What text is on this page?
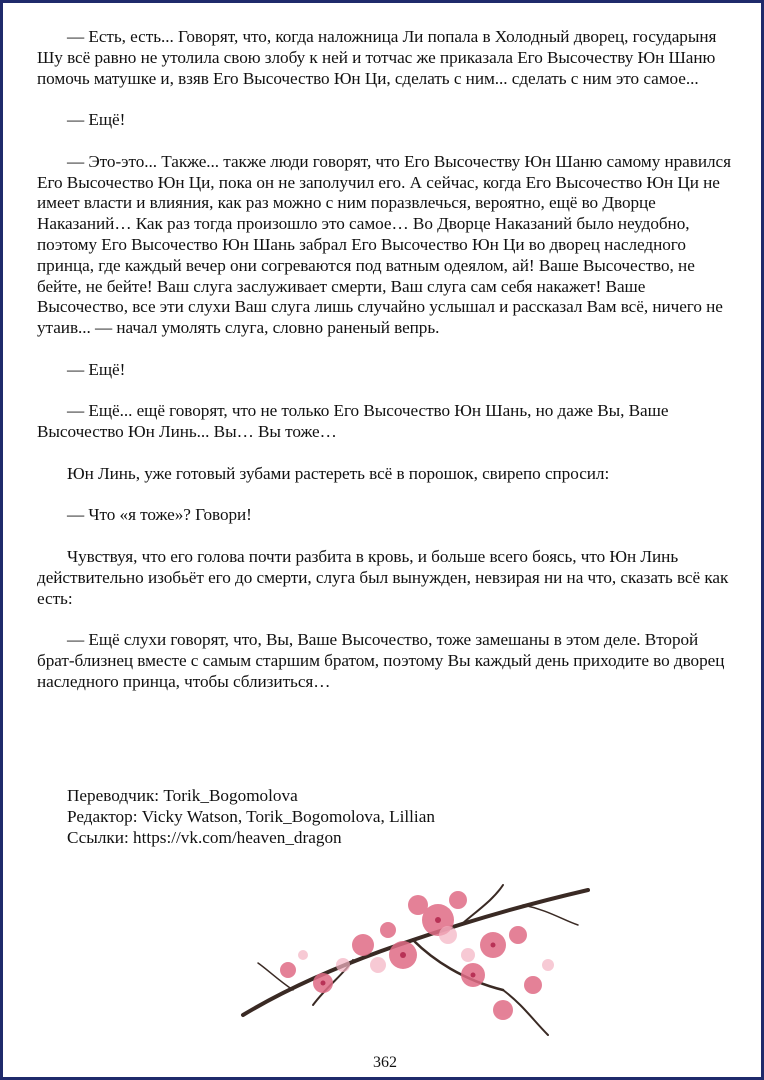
— Есть, есть... Говорят, что, когда наложница Ли попала в Холодный дворец, государыня Шу всё равно не утолила свою злобу к ней и тотчас же приказала Его Высочеству Юн Шаню помочь матушке и, взяв Его Высочество Юн Ци, сделать с ним... сделать с ним это самое...

— Ещё!

— Это-это... Также... также люди говорят, что Его Высочеству Юн Шаню самому нравился Его Высочество Юн Ци, пока он не заполучил его. А сейчас, когда Его Высочество Юн Ци не имеет власти и влияния, как раз можно с ним поразвлечься, вероятно, ещё во Дворце Наказаний… Как раз тогда произошло это самое… Во Дворце Наказаний было неудобно, поэтому Его Высочество Юн Шань забрал Его Высочество Юн Ци во дворец наследного принца, где каждый вечер они согреваются под ватным одеялом, ай! Ваше Высочество, не бейте, не бейте! Ваш слуга заслуживает смерти, Ваш слуга сам себя накажет! Ваше Высочество, все эти слухи Ваш слуга лишь случайно услышал и рассказал Вам всё, ничего не утаив... — начал умолять слуга, словно раненый вепрь.

— Ещё!

— Ещё... ещё говорят, что не только Его Высочество Юн Шань, но даже Вы, Ваше Высочество Юн Линь... Вы… Вы тоже…

Юн Линь, уже готовый зубами растереть всё в порошок, свирепо спросил:

— Что «я тоже»? Говори!

Чувствуя, что его голова почти разбита в кровь, и больше всего боясь, что Юн Линь действительно изобьёт его до смерти, слуга был вынужден, невзирая ни на что, сказать всё как есть:

— Ещё слухи говорят, что, Вы, Ваше Высочество, тоже замешаны в этом деле. Второй брат-близнец вместе с самым старшим братом, поэтому Вы каждый день приходите во дворец наследного принца, чтобы сблизиться…

Переводчик: Torik_Bogomolova
Редактор: Vicky Watson, Torik_Bogomolova, Lillian
Ссылки: https://vk.com/heaven_dragon
362
